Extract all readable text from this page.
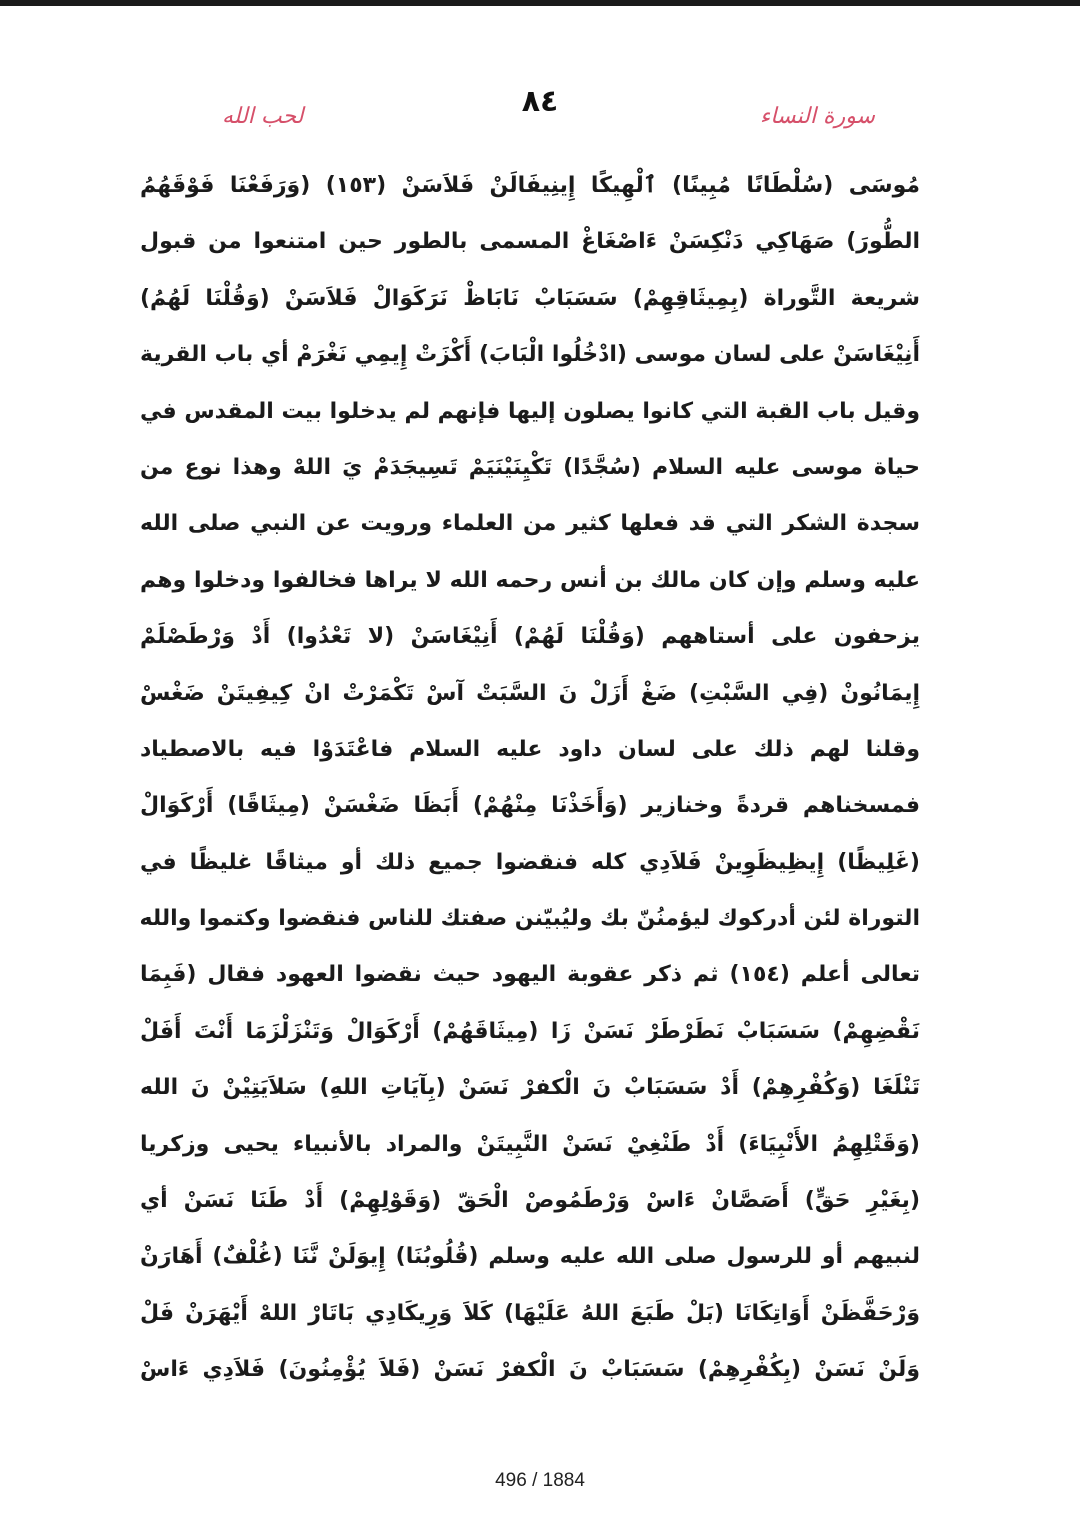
٨٤	سورة النساء
لحب الله
مُوسَى (سُلْطَانًا مُبِينًا) ٱلْهِيكًا إِينِيفَالَنْ فَلاَسَنْ (١٥٣) (وَرَفَعْنَا فَوْقَهُمُ
الطُّورَ) صَهَاكِي دَنْكِسَنْ ءَاصْغَاغْ المسمى بالطور حين امتنعوا من قبول
شريعة التَّوراة (بِمِيثَاقِهِمْ) سَسَبَابْ نَابَاظْ نَرَكَوَالْ فَلاَسَنْ (وَقُلْنَا لَهُمُ)
أَنِيْغَاسَنْ على لسان موسى (ادْخُلُوا الْبَابَ) أَكْزَتْ إِيمِي نَغْرَمْ أي باب القرية
وقيل باب القبة التي كانوا يصلون إليها فإنهم لم يدخلوا بيت المقدس في
حياة موسى عليه السلام (سُجَّدًا) تَكْيِنَيْنَيَمْ تَسِيجَدَمْ يَ اللهْ وهذا نوع من
سجدة الشكر التي قد فعلها كثير من العلماء ورويت عن النبي صلى الله
عليه وسلم وإن كان مالك بن أنس رحمه الله لا يراها فخالفوا ودخلوا وهم
يزحفون على أستاههم (وَقُلْنَا لَهُمْ) أَنِيْغَاسَنْ (لا تَعْدُوا) أَدْ وَرْطَصْلَمْ
إِيمَانُونْ (فِي السَّبْتِ) ضَغْ أَزَلْ نَ السَّبَتْ آسْ تَكْمَرْتْ انْ كِيفِيتَنْ ضَغْسْ
وقلنا لهم ذلك على لسان داود عليه السلام فاعْتَدَوْا فيه بالاصطياد
فمسخناهم قردةً وخنازير (وَأَخَذْنَا مِنْهُمْ) أَبَظَا ضَغْسَنْ (مِيثَاقًا) أَرْكَوَالْ
(غَلِيظًا) إِيظِيظَوِينْ فَلاَدِي كله فنقضوا جميع ذلك أو ميثاقًا غليظًا في
التوراة لئن أدركوك ليؤمنُنّ بك وليُبيّنن صفتك للناس فنقضوا وكتموا والله
تعالى أعلم (١٥٤) ثم ذكر عقوبة اليهود حيث نقضوا العهود فقال (فَبِمَا
نَقْضِهِمْ) سَسَبَابْ نَطَرْطَرْ نَسَنْ زَا (مِيثَاقَهُمْ) أَرْكَوَالْ وَتَنْزَلْزَمَا أَنْتَ أَفَلْ
تَنْلَغَا (وَكُفْرِهِمْ) أَدْ سَسَبَابْ نَ الْكفرْ نَسَنْ (بِآيَاتِ اللهِ) سَلاَيَتِيْنْ نَ الله
(وَقَتْلِهِمُ الأَنْبِيَاءَ) أَدْ طَنْغِيْ نَسَنْ النَّبِيتَنْ والمراد بالأنبياء يحيى وزكريا
(بِغَيْرِ حَقٍّ) أَصَصَّانْ ءَاسْ وَرْطَمُوصْ الْحَقّ (وَقَوْلِهِمْ) أَدْ طَنَا نَسَنْ أي
لنبيهم أو للرسول صلى الله عليه وسلم (قُلُوبُنَا) إِيوَلَنْ نَّنَا (غُلْفٌ) أَهَارَنْ
وَرْحَفَّظَنْ أَوَاتِكَانَا (بَلْ طَبَعَ اللهُ عَلَيْهَا) كَلاَ وَرِيكَادِي بَاتَارْ اللهْ أَيْهَرَنْ فَلْ
وَلَنْ نَسَنْ (بِكُفْرِهِمْ) سَسَبَابْ نَ الْكفرْ نَسَنْ (فَلاَ يُؤْمِنُونَ) فَلاَدِي ءَاسْ
496 / 1884
